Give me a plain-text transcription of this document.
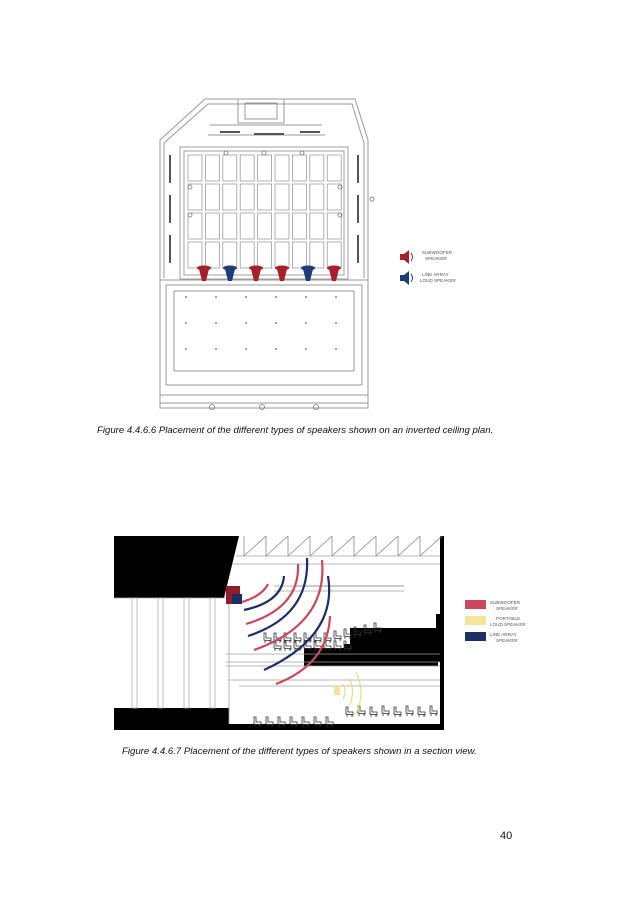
SUBWOOFER
SPEAKER
LINE ARRAY
LOUD SPEAKER
Figure 4.4.6.6 Placement of the different types of speakers shown on an inverted ceiling plan.
SUBWOOFER
SPEAKER
PORTABLE
LOUD SPEAKER
LINE ARRAY
SPEAKER
Figure 4.4.6.7 Placement of the different types of speakers shown in a section view.
40
